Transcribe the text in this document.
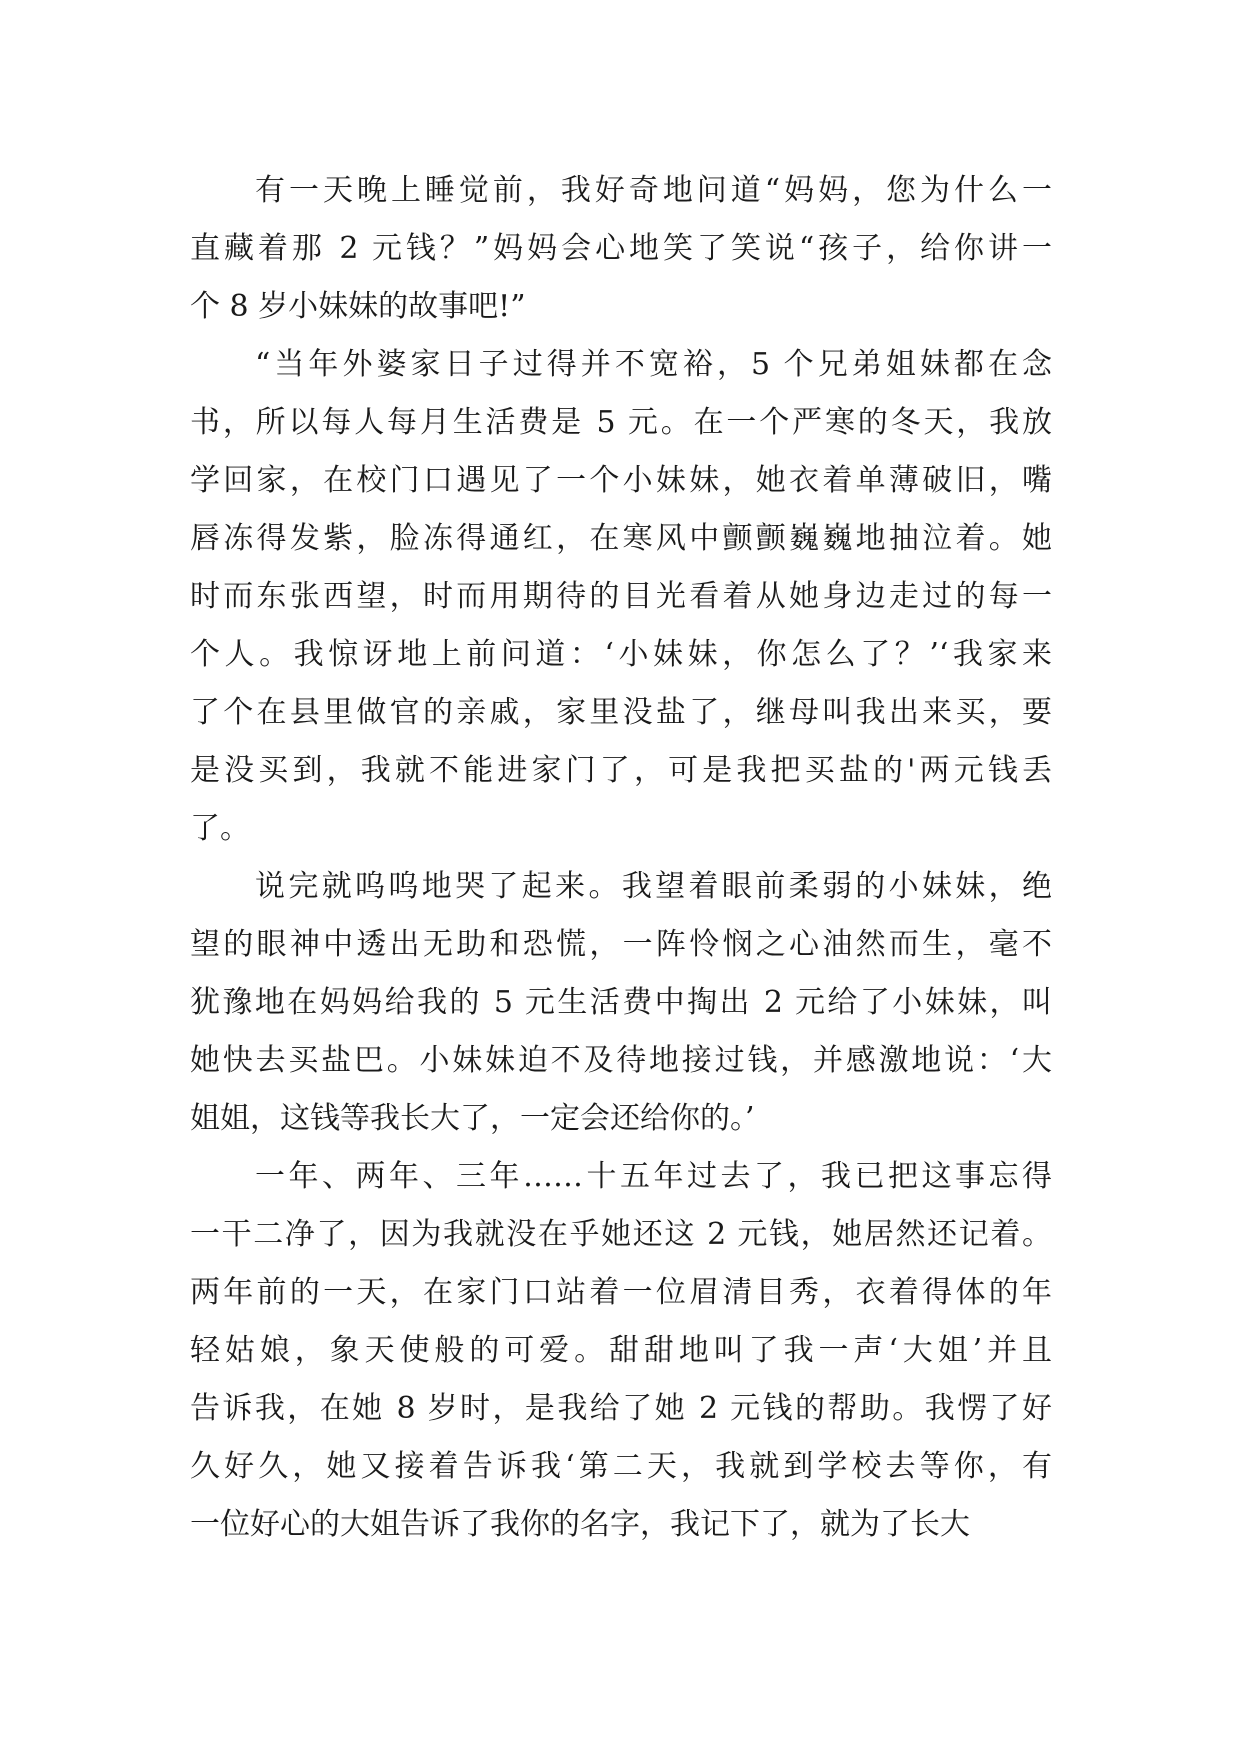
有一天晚上睡觉前，我好奇地问道“妈妈，您为什么一
直藏着那 2 元钱？”妈妈会心地笑了笑说“孩子，给你讲一
个 8 岁小妹妹的故事吧!”
“当年外婆家日子过得并不宽裕，5 个兄弟姐妹都在念
书，所以每人每月生活费是 5 元。在一个严寒的冬天，我放
学回家，在校门口遇见了一个小妹妹，她衣着单薄破旧，嘴
唇冻得发紫，脸冻得通红，在寒风中颤颤巍巍地抽泣着。她
时而东张西望，时而用期待的目光看着从她身边走过的每一
个人。我惊讶地上前问道：‘小妹妹，你怎么了？’‘我家来
了个在县里做官的亲戚，家里没盐了，继母叫我出来买，要
是没买到，我就不能进家门了，可是我把买盐的'两元钱丢
了。
说完就呜呜地哭了起来。我望着眼前柔弱的小妹妹，绝
望的眼神中透出无助和恐慌，一阵怜悯之心油然而生，毫不
犹豫地在妈妈给我的 5 元生活费中掏出 2 元给了小妹妹，叫
她快去买盐巴。小妹妹迫不及待地接过钱，并感激地说：‘大
姐姐，这钱等我长大了，一定会还给你的。’
一年、两年、三年……十五年过去了，我已把这事忘得
一干二净了，因为我就没在乎她还这 2 元钱，她居然还记着。
两年前的一天，在家门口站着一位眉清目秀，衣着得体的年
轻姑娘，象天使般的可爱。甜甜地叫了我一声‘大姐’并且
告诉我，在她 8 岁时，是我给了她 2 元钱的帮助。我愣了好
久好久，她又接着告诉我‘第二天，我就到学校去等你，有
一位好心的大姐告诉了我你的名字，我记下了，就为了长大
